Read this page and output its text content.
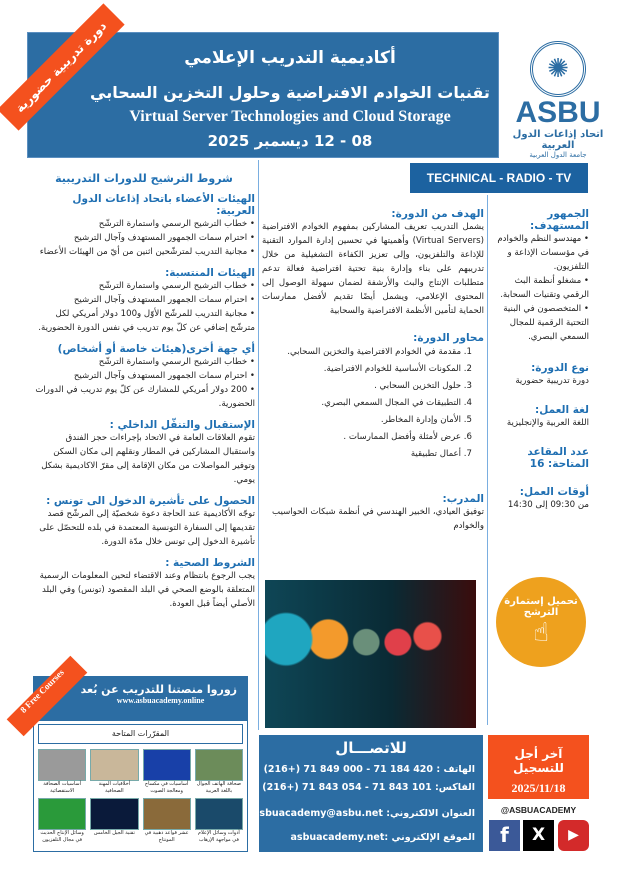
دورة تدريبية حضورية	أكاديمية التدريب الإعلامي
تقنيات الخوادم الافتراضية وحلول التخزين السحابي
Virtual Server Technologies and Cloud Storage
08 - 12 ديسمبر 2025
✺
ASBU
اتحاد إذاعات الدول العربية
جامعة الدول العربية
TECHNICAL - RADIO - TV
الجمهور المستهدف:
• مهندسو النظم والخوادم في مؤسسات الإذاعة و التلفزيون.
• مشغلو أنظمة البث الرقمي وتقنيات السحابة.
• المتخصصون في البنية التحتية الرقمية للمجال السمعي البصري.
نوع الدورة:
دورة تدريبية حضورية
لغة العمل:
اللغة العربية والإنجليزية
عدد المقاعد المتاحة: 16
أوقات العمل:
من 09:30 إلى 14:30
الهدف من الدورة:
يشمل التدريب تعريف المشاركين بمفهوم الخوادم الافتراضية (Virtual Servers) وأهميتها في تحسين إدارة الموارد التقنية للإذاعة والتلفزيون، وإلى تعزيز الكفاءة التشغيلية من خلال تدريبهم على بناء وإدارة بنية تحتية افتراضية فعالة تدعم متطلبات الإنتاج والبث والأرشفة لضمان سهولة الوصول إلى المحتوى الإعلامي، ويشمل أيضًا تقديم لأفضل ممارسات الحماية لتأمين الأنظمة الافتراضية والسحابية
محاور الدورة:
1. مقدمة في الخوادم الافتراضية والتخزين السحابي.
2. المكونات الأساسية للخوادم الافتراضية.
3. حلول التخزين السحابي .
4. التطبيقات في المجال السمعي البصري.
5. الأمان وإدارة المخاطر.
6. عرض لأمثلة وأفضل الممارسات .
7. أعمال تطبيقية
المدرب:
توفيق العيادي، الخبير الهندسي في أنظمة شبكات الحواسيب والخوادم
شروط الترشيح للدورات التدريبية
الهيئات الأعضاء باتحاد إذاعات الدول العربية:
• خطاب الترشيح الرسمي واستمارة الترشّح
• احترام سمات الجمهور المستهدف وآجال الترشيح
• مجانية التدريب لمترشّحين اثنين من أيّ من الهيئات الأعضاء
الهيئات المنتسبة:
• خطاب الترشيح الرسمي واستمارة الترشّح
• احترام سمات الجمهور المستهدف وآجال الترشيح
• مجانية التدريب للمرشّح الأوّل و100 دولار أمريكي لكل مترشّح إضافي عن كلّ يوم تدريب في نفس الدورة الحضورية.
أي جهة أخرى(هيئات خاصة أو أشخاص)
• خطاب الترشيح الرسمي واستمارة الترشّح
• احترام سمات الجمهور المستهدف وآجال الترشيح
• 200 دولار أمريكي للمشارك عن كلّ يوم تدريب في الدورات الحضورية.
الإستقبال والتنقّل الداخلي :
تقوم العلاقات العامة في الاتحاد بإجراءات حجز الفندق واستقبال المشاركين في المطار ونقلهم إلى مكان السكن وتوفير المواصلات من مكان الإقامة إلى مقرّ الاكاديمية بشكل يومي.
الحصول على تأشيرة الدخول الى تونس :
توجّه الأكاديمية عند الحاجة دعوة شخصيّة إلى المرشّح قصد تقديمها إلى السفارة التونسية المعتمدة في بلده للتحصّل على تأشيرة الدخول إلى تونس خلال مدّة الدورة.
الشروط الصحية :
يجب الرجوع بانتظام وعند الاقتضاء لتحين المعلومات الرسمية المتعلقة بالوضع الصحي في البلد المقصود (تونس) وفي البلد الأصلي أيضاً قبل العودة.	تحميل إستمارة الترشح
☝
زوروا منصتنا للتدريب عن بُعد
www.asbuacademy.online
المقرّرات المتاحة
صحافة الهاتف الجوال باللغة العربية
أساسيات في مكساج ومعالجة الصوت
أخلاقيات المهنة الصحافية
أساسيات الصحافة الاستقصائية
أدوات وسائل الإعلام في مواجهة الإرهاب
عشر قواعد ذهبية في المونتاج
تقنية الجيل الخامس
وسائل الإنتاج الحديث في مجال التلفزيون
8 Free Courses
للاتصـــال
الهاتف : 420 184 71 - 000 849 71 (+216)
الفاكس: 101 843 71 - 054 843 71 (+216)
العنوان الالكتروني: asbuacademy@asbu.net
الموقع الإلكتروني :asbuacademy.net
آخر أجل للتسجيل
2025/11/18
@ASBUACADEMY
f	X	▶
